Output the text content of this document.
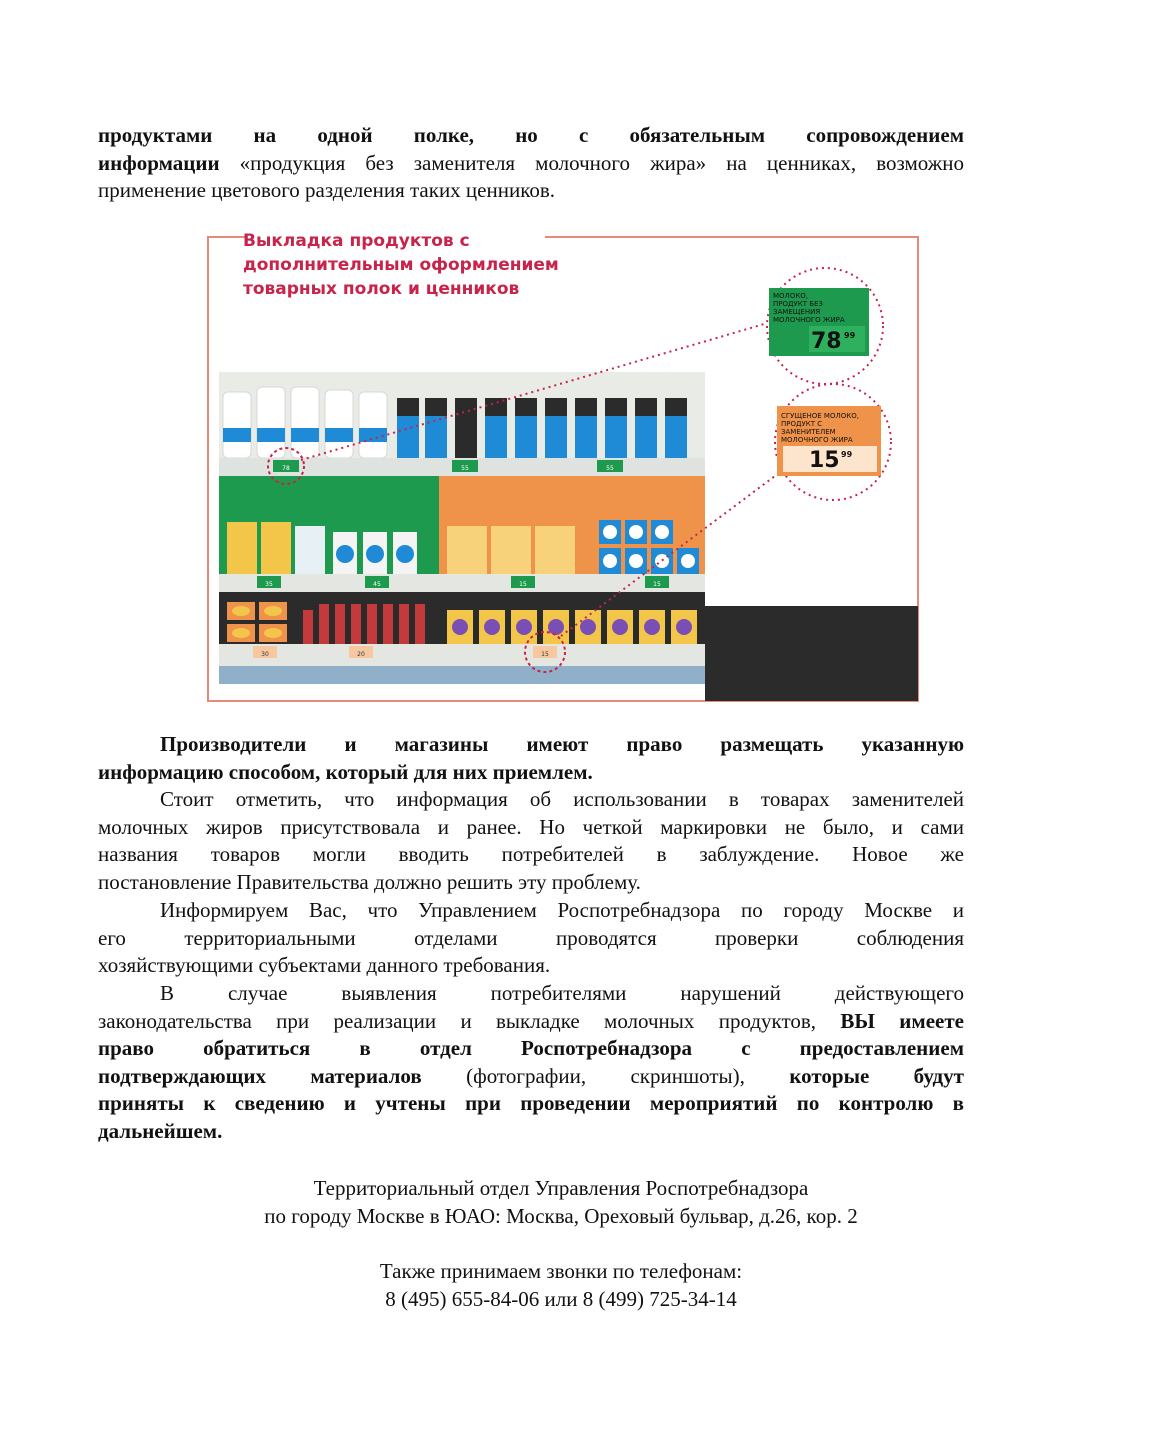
продуктами на одной полке, но с обязательным сопровождением
информации «продукция без заменителя молочного жира» на ценниках, возможно
применение цветового разделения таких ценников.
Выкладка продуктов с
дополнительным оформлением
товарных полок и ценников
78	55	55
35	45	15	15
30	20	15
МОЛОКО,
ПРОДУКТ БЕЗ
ЗАМЕЩЕНИЯ
МОЛОЧНОГО ЖИРА
78 99
СГУЩЕНОЕ МОЛОКО,
ПРОДУКТ С
ЗАМЕНИТЕЛЕМ
МОЛОЧНОГО ЖИРА
15 99
Производители и магазины имеют право размещать указанную
информацию способом, который для них приемлем.
Стоит отметить, что информация об использовании в товарах заменителей
молочных жиров присутствовала и ранее. Но четкой маркировки не было, и сами
названия товаров могли вводить потребителей в заблуждение. Новое же
постановление Правительства должно решить эту проблему.
Информируем Вас, что Управлением Роспотребнадзора по городу Москве и
его территориальными отделами проводятся проверки соблюдения
хозяйствующими субъектами данного требования.
В случае выявления потребителями нарушений действующего
законодательства при реализации и выкладке молочных продуктов, ВЫ имеете
право обратиться в отдел Роспотребнадзора с предоставлением
подтверждающих материалов (фотографии, скриншоты), которые будут
приняты к сведению и учтены при проведении мероприятий по контролю в
дальнейшем.
Территориальный отдел Управления Роспотребнадзора
по городу Москве в ЮАО: Москва, Ореховый бульвар, д.26, кор. 2
Также принимаем звонки по телефонам:
8 (495) 655-84-06 или 8 (499) 725-34-14
